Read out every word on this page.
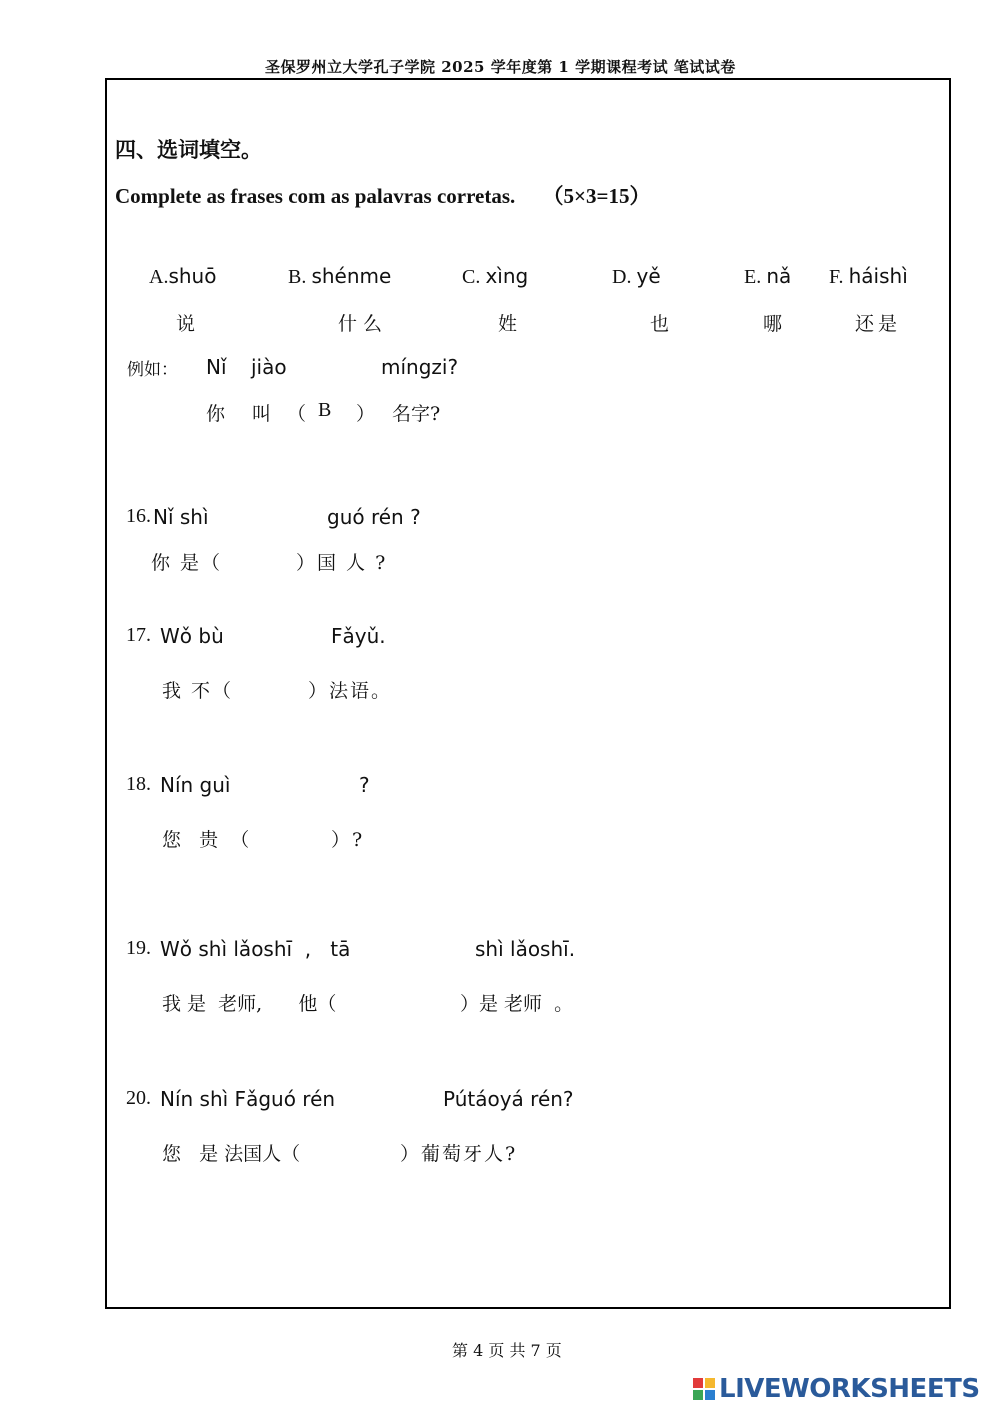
圣保罗州立大学孔子学院 2025 学年度第 1 学期课程考试 笔试试卷
四、选词填空。
Complete as frases com as palavras corretas. （5×3=15）
A.shuō	B. shénme	C. xìng	D. yě	E. nǎ F. háishì
说	什么	姓	也	哪	还是
例如： Nǐ jiào	míngzi?
你 叫 （ B ） 名字?
16. Nǐ shì	guó rén ?
你 是（	）国 人 ?
17. Wǒ bù	Fǎyǔ.
我 不（	）法语。
18. Nín guì	?
您   贵  （	）?
19. Wǒ shì lǎoshī  ,   tā	shì lǎoshī.
我 是  老师,      他（	）是 老师  。
20. Nín shì Fǎguó rén	Pútáoyá rén?
您   是 法国人（	）葡萄牙人?
第 4 页 共 7 页
LIVEWORKSHEETS
